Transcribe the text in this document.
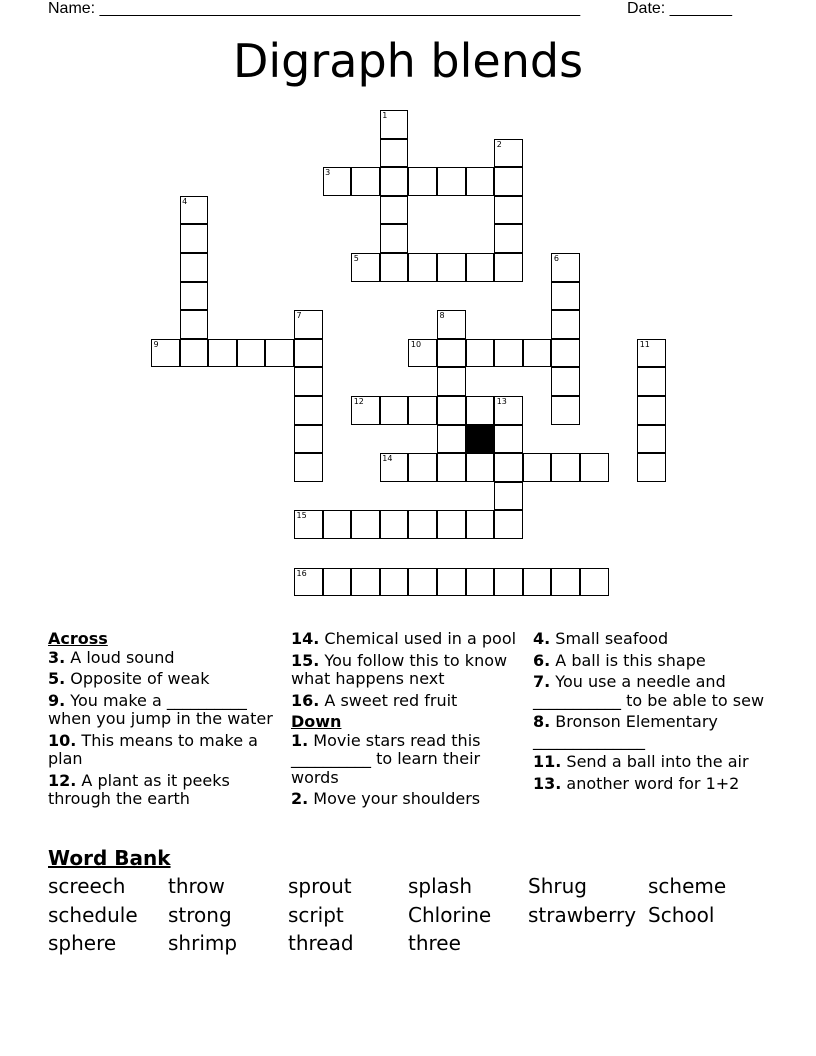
Name: ______________________________________________________	Date: _______
Digraph blends
3
5
9	10
12	13
14
15
16
1
2
4
6
7	8
11
Across
3. A loud sound
5. Opposite of weak
9. You make a __________ when you jump in the water
10. This means to make a plan
12. A plant as it peeks through the earth
14. Chemical used in a pool
15. You follow this to know what happens next
16. A sweet red fruit
Down
1. Movie stars read this __________ to learn their words
2. Move your shoulders
4. Small seafood
6. A ball is this shape
7. You use a needle and ___________ to be able to sew
8. Bronson Elementary ______________
11. Send a ball into the air
13. another word for 1+2
Word Bank
screech throw	sprout	splash	Shrug	scheme
schedule strong	script	Chlorine strawberry School
sphere	shrimp	thread	three
